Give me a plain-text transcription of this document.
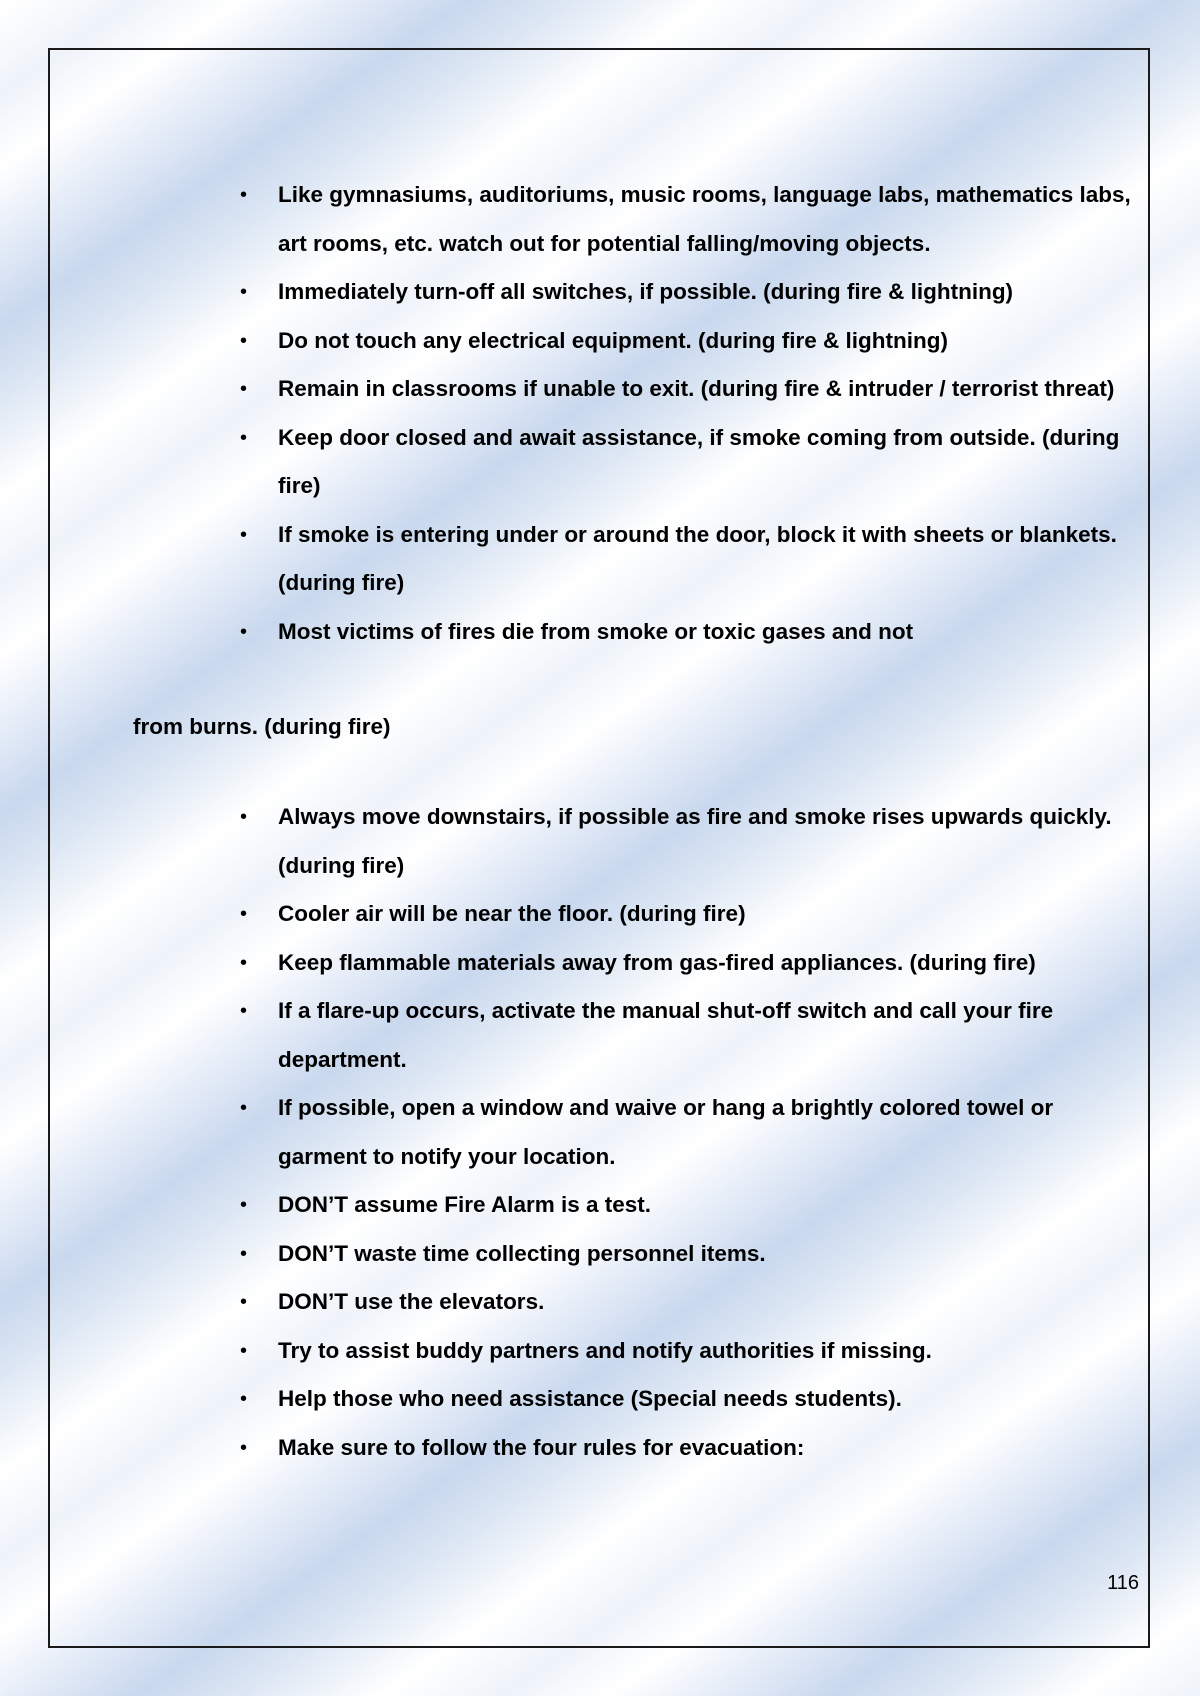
• Like gymnasiums, auditoriums, music rooms, language labs, mathematics labs, art rooms, etc. watch out for potential falling/moving objects.
• Immediately turn-off all switches, if possible. (during fire & lightning)
• Do not touch any electrical equipment. (during fire & lightning)
• Remain in classrooms if unable to exit. (during fire & intruder / terrorist threat)
• Keep door closed and await assistance, if smoke coming from outside. (during fire)
• If smoke is entering under or around the door, block it with sheets or blankets. (during fire)
• Most victims of fires die from smoke or toxic gases and not
from burns. (during fire)
• Always move downstairs, if possible as fire and smoke rises upwards quickly. (during fire)
• Cooler air will be near the floor. (during fire)
• Keep flammable materials away from gas-fired appliances. (during fire)
• If a flare-up occurs, activate the manual shut-off switch and call your fire department.
• If possible, open a window and waive or hang a brightly colored towel or garment to notify your location.
• DON’T assume Fire Alarm is a test.
• DON’T waste time collecting personnel items.
• DON’T use the elevators.
• Try to assist buddy partners and notify authorities if missing.
• Help those who need assistance (Special needs students).
• Make sure to follow the four rules for evacuation:
116
